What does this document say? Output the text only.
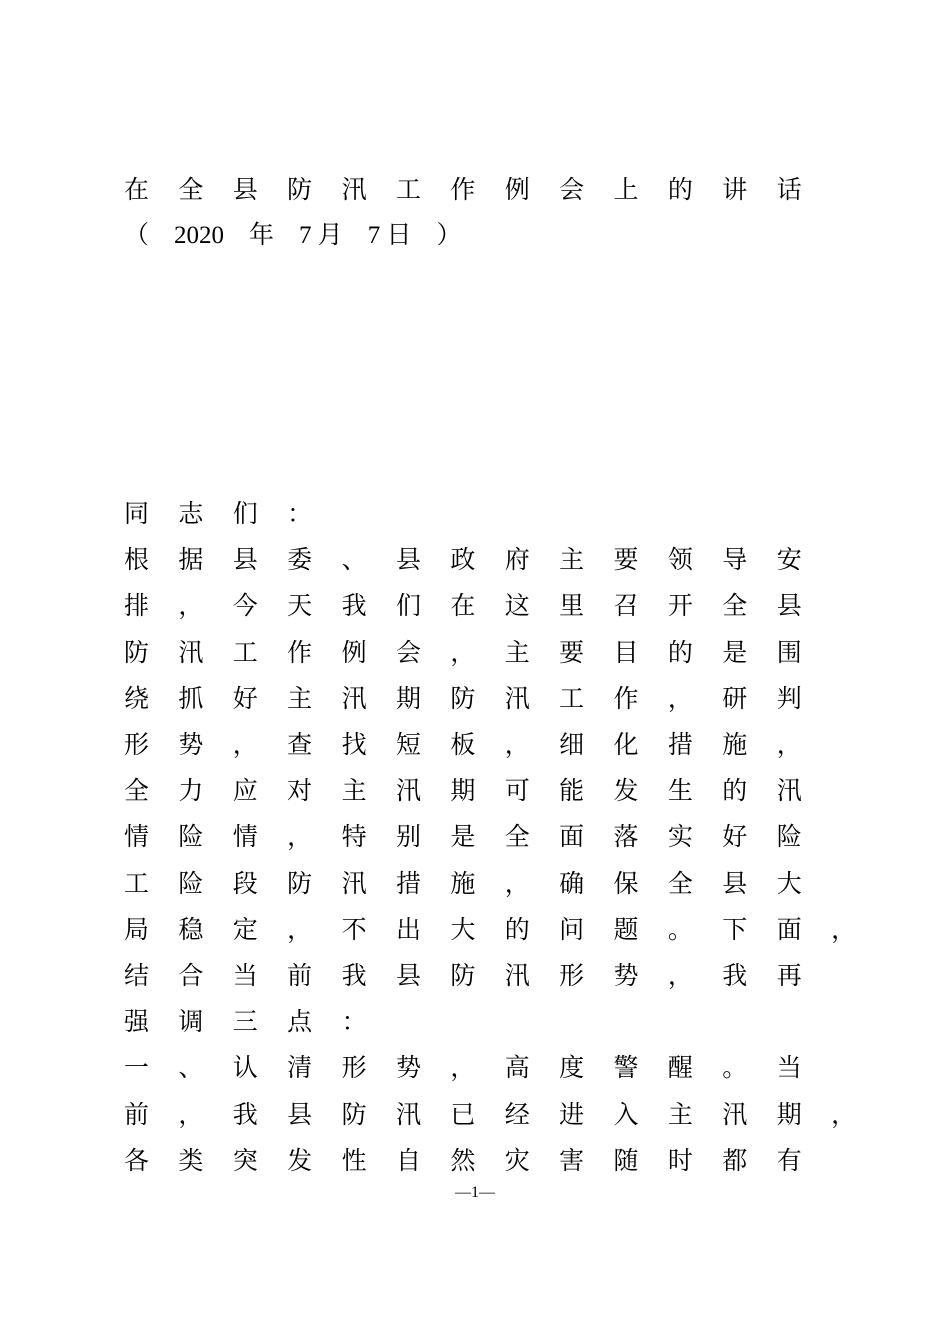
在	全	县	防	汛	工	作	例	会	上	的	讲	话
（　2020　年　7 月　7 日　）
同	志	们	：
根	据	县	委	、	县	政	府	主	要	领	导	安
排	，	今	天	我	们	在	这	里	召	开	全	县
防	汛	工	作	例	会	，	主	要	目	的	是	围
绕	抓	好	主	汛	期	防	汛	工	作	，	研	判
形	势	，	查	找	短	板	，	细	化	措	施	，
全	力	应	对	主	汛	期	可	能	发	生	的	汛
情	险	情	，	特	别	是	全	面	落	实	好	险
工	险	段	防	汛	措	施	，	确	保	全	县	大
局	稳	定	，	不	出	大	的	问	题	。	下	面	，
结	合	当	前	我	县	防	汛	形	势	，	我	再
强	调	三	点	：
一	、	认	清	形	势	，	高	度	警	醒	。	当
前	，	我	县	防	汛	已	经	进	入	主	汛	期	，
各	类	突	发	性	自	然	灾	害	随	时	都	有
—1—
